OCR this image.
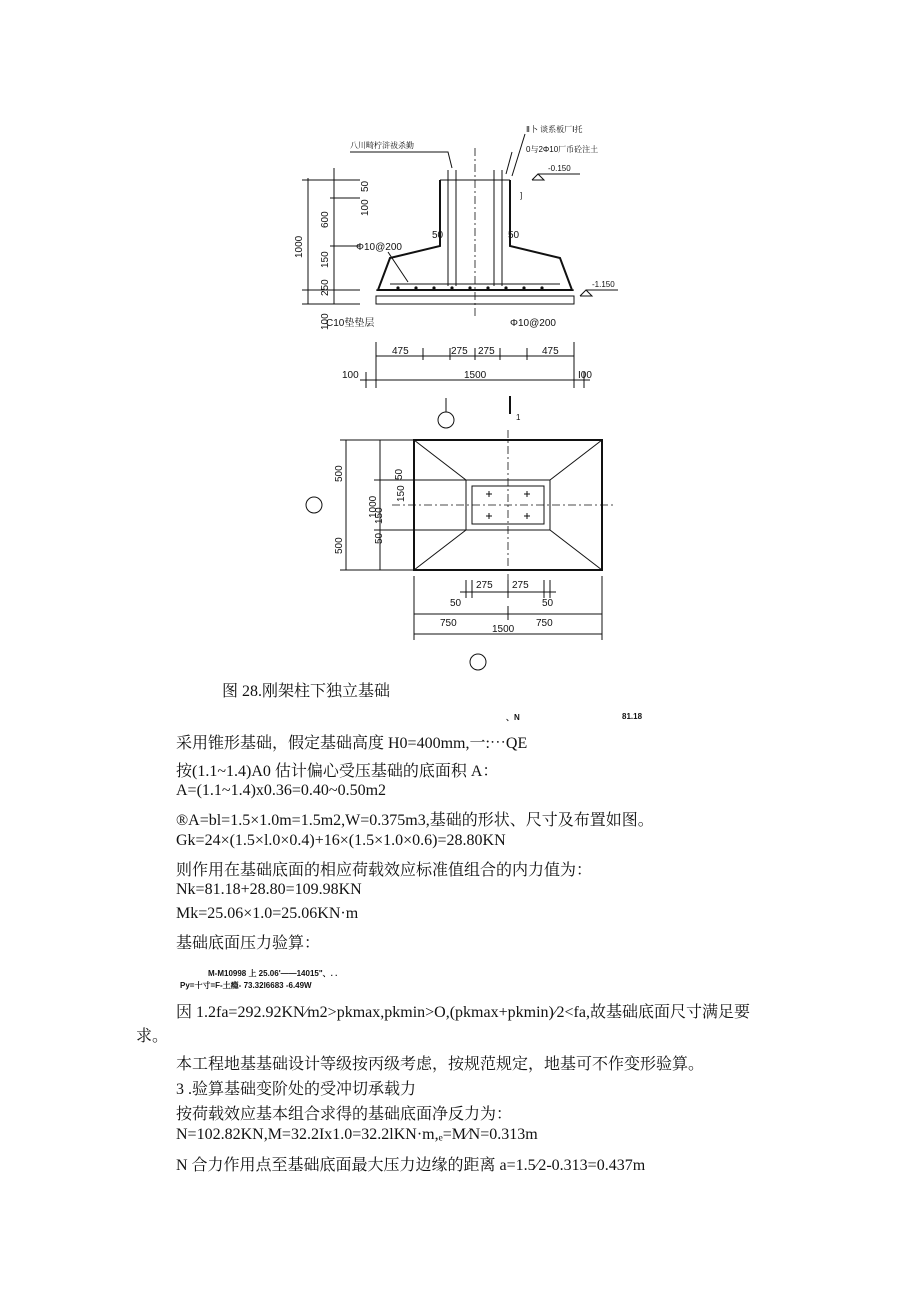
八川畸柠浒祓杀勤
Ⅱ卜 谈系板厂Ⅰ托
0与2Φ10厂币砼注土
-0.150
-1.150
]
50
100
600
1000
150
250
100
50	50
Φ10@200
C10垫垫层	Φ10@200
475	275 275	475
100	1500	I00
1
500
500
1000
50
150
150
50
275 275
50	50
750	750
1500
图 28.刚架柱下独立基础
、N	81.18
采用锥形基础，假定基础高度 H0=400mm,一:⋯QE
按(1.1~1.4)A0 估计偏心受压基础的底面积 A：
A=(1.1~1.4)x0.36=0.40~0.50m2
®A=bl=1.5×1.0m=1.5m2,W=0.375m3,基础的形状、尺寸及布置如图。
Gk=24×(1.5×l.0×0.4)+16×(1.5×1.0×0.6)=28.80KN
则作用在基础底面的相应荷载效应标准值组合的内力值为：
Nk=81.18+28.80=109.98KN
Mk=25.06×1.0=25.06KN·m
基础底面压力验算：
M-M10998 上 25.06'——14015"、. .
Py=十寸=F-土瘾- 73.32l6683 -6.49W
因 1.2fa=292.92KN⁄m2>pkmax,pkmin>O,(pkmax+pkmin)⁄2<fa,故基础底面尺寸满足要求。
本工程地基基础设计等级按丙级考虑，按规范规定，地基可不作变形验算。
3 .验算基础变阶处的受冲切承载力
按荷载效应基本组合求得的基础底面净反力为：
N=102.82KN,M=32.2Ix1.0=32.2lKN·m,ₑ=M⁄N=0.313m
N 合力作用点至基础底面最大压力边缘的距离 a=1.5⁄2-0.313=0.437m
